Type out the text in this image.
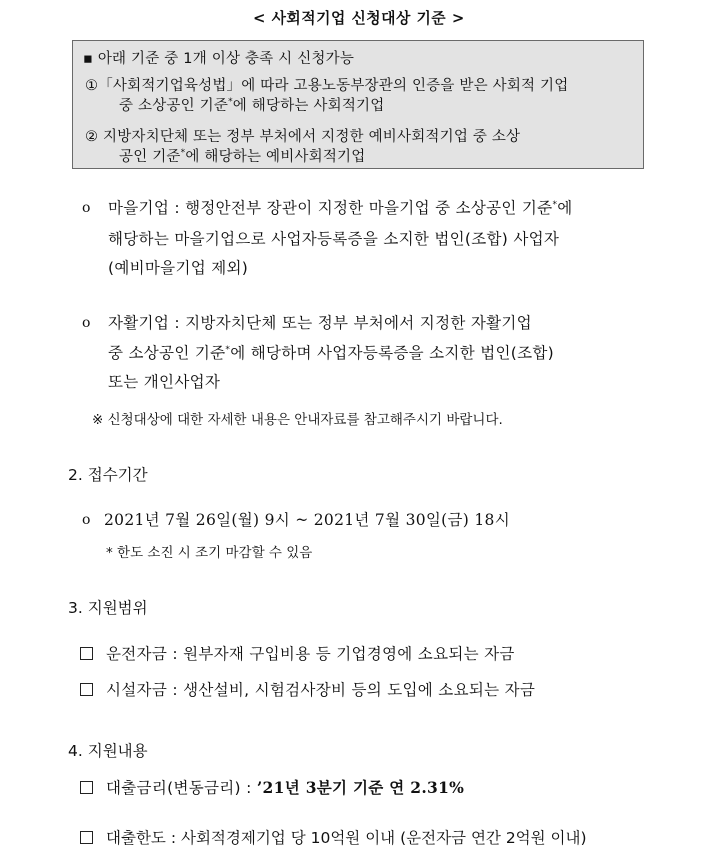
< 사회적기업 신청대상 기준 >
▪ 아래 기준 중 1개 이상 충족 시 신청가능
①「사회적기업육성법」에 따라 고용노동부장관의 인증을 받은 사회적 기업
중 소상공인 기준*에 해당하는 사회적기업
② 지방자치단체 또는 정부 부처에서 지정한 예비사회적기업 중 소상
공인 기준*에 해당하는 예비사회적기업
o 마을기업 : 행정안전부 장관이 지정한 마을기업 중 소상공인 기준*에
해당하는 마을기업으로 사업자등록증을 소지한 법인(조합) 사업자
(예비마을기업 제외)
o 자활기업 : 지방자치단체 또는 정부 부처에서 지정한 자활기업
중 소상공인 기준*에 해당하며 사업자등록증을 소지한 법인(조합)
또는 개인사업자
※ 신청대상에 대한 자세한 내용은 안내자료를 참고해주시기 바랍니다.
2. 접수기간
o 2021년 7월 26일(월) 9시 ~ 2021년 7월 30일(금) 18시
* 한도 소진 시 조기 마감할 수 있음
3. 지원범위
운전자금 : 원부자재 구입비용 등 기업경영에 소요되는 자금
시설자금 : 생산설비, 시험검사장비 등의 도입에 소요되는 자금
4. 지원내용
대출금리(변동금리) : ’21년 3분기 기준 연 2.31%
대출한도 : 사회적경제기업 당 10억원 이내 (운전자금 연간 2억원 이내)
